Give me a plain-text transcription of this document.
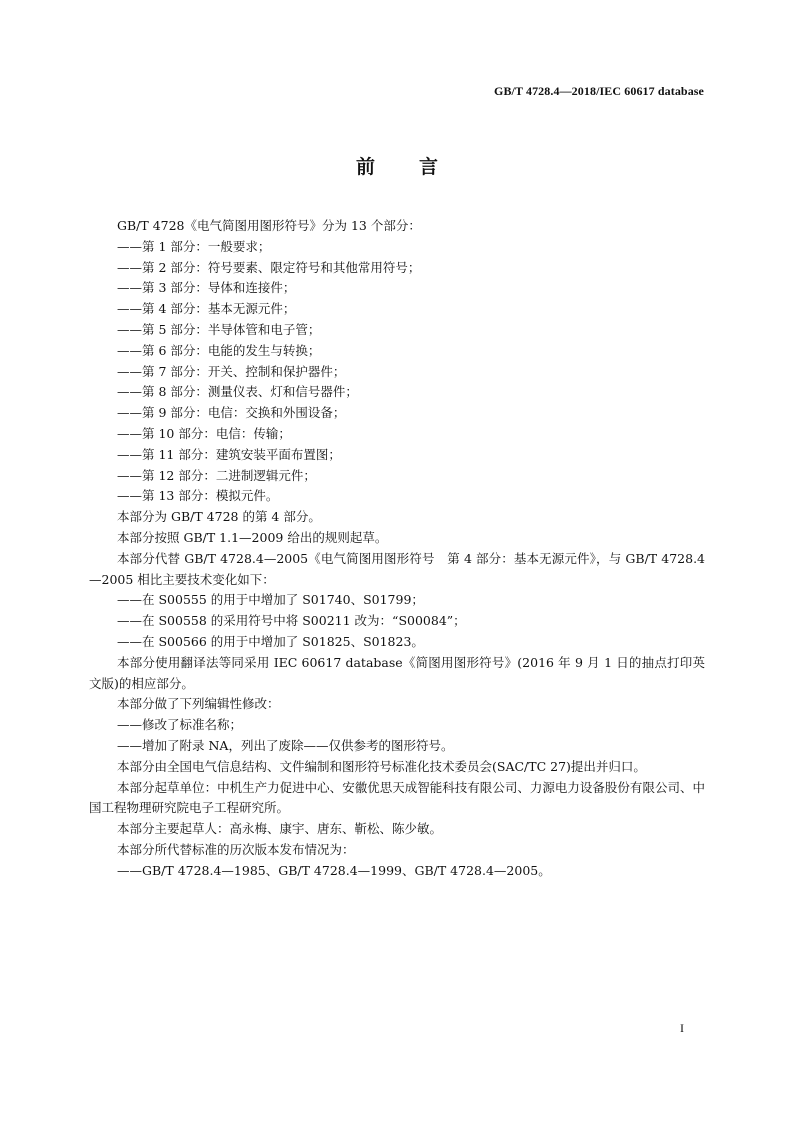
GB/T 4728.4—2018/IEC 60617 database
前言

GB/T 4728《电气简图用图形符号》分为 13 个部分：

——第 1 部分：一般要求；

——第 2 部分：符号要素、限定符号和其他常用符号；

——第 3 部分：导体和连接件；

——第 4 部分：基本无源元件；

——第 5 部分：半导体管和电子管；

——第 6 部分：电能的发生与转换；

——第 7 部分：开关、控制和保护器件；

——第 8 部分：测量仪表、灯和信号器件；

——第 9 部分：电信：交换和外围设备；

——第 10 部分：电信：传输；

——第 11 部分：建筑安装平面布置图；

——第 12 部分：二进制逻辑元件；

——第 13 部分：模拟元件。

本部分为 GB/T 4728 的第 4 部分。

本部分按照 GB/T 1.1—2009 给出的规则起草。

本部分代替 GB/T 4728.4—2005《电气简图用图形符号　第 4 部分：基本无源元件》，与 GB/T 4728.4—2005 相比主要技术变化如下：

——在 S00555 的用于中增加了 S01740、S01799；

——在 S00558 的采用符号中将 S00211 改为：“S00084”；

——在 S00566 的用于中增加了 S01825、S01823。

本部分使用翻译法等同采用 IEC 60617 database《简图用图形符号》(2016 年 9 月 1 日的抽点打印英文版)的相应部分。

本部分做了下列编辑性修改：

——修改了标准名称；

——增加了附录 NA，列出了废除——仅供参考的图形符号。

本部分由全国电气信息结构、文件编制和图形符号标准化技术委员会(SAC/TC 27)提出并归口。

本部分起草单位：中机生产力促进中心、安徽优思天成智能科技有限公司、力源电力设备股份有限公司、中国工程物理研究院电子工程研究所。

本部分主要起草人：高永梅、康宇、唐东、靳松、陈少敏。

本部分所代替标准的历次版本发布情况为：

——GB/T 4728.4—1985、GB/T 4728.4—1999、GB/T 4728.4—2005。

I
